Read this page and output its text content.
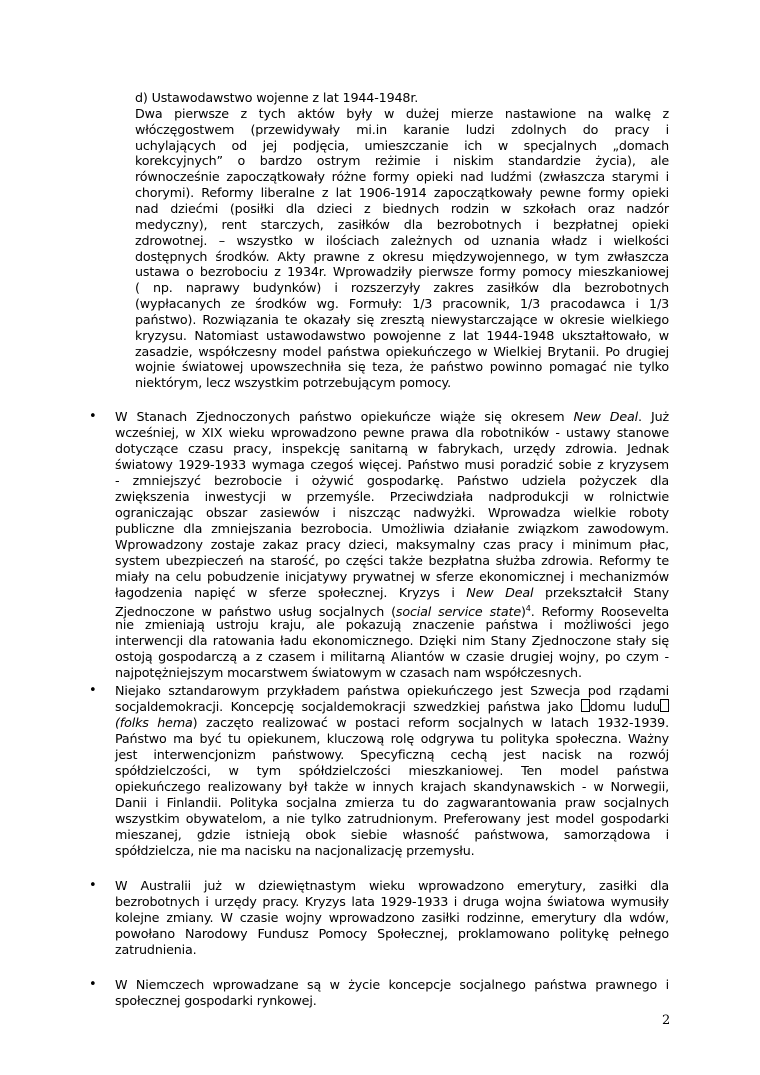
d) Ustawodawstwo wojenne z lat 1944-1948r.

Dwa pierwsze z tych aktów były w dużej mierze nastawione na walkę z

włóczęgostwem (przewidywały mi.in karanie ludzi zdolnych do pracy i

uchylających od jej podjęcia, umieszczanie ich w specjalnych „domach

korekcyjnych” o bardzo ostrym reżimie i niskim standardzie życia), ale

równocześnie zapoczątkowały różne formy opieki nad ludźmi (zwłaszcza starymi i

chorymi). Reformy liberalne z lat 1906-1914 zapoczątkowały pewne formy opieki

nad dziećmi (posiłki dla dzieci z biednych rodzin w szkołach oraz nadzór

medyczny), rent starczych, zasiłków dla bezrobotnych i bezpłatnej opieki

zdrowotnej. – wszystko w ilościach zależnych od uznania władz i wielkości

dostępnych środków. Akty prawne z okresu międzywojennego, w tym zwłaszcza

ustawa o bezrobociu z 1934r. Wprowadziły pierwsze formy pomocy mieszkaniowej

( np. naprawy budynków) i rozszerzyły zakres zasiłków dla bezrobotnych

(wypłacanych ze środków wg. Formuły: 1/3 pracownik, 1/3 pracodawca i 1/3

państwo). Rozwiązania te okazały się zresztą niewystarczające w okresie wielkiego

kryzysu. Natomiast ustawodawstwo powojenne z lat 1944-1948 ukształtowało, w

zasadzie, współczesny model państwa opiekuńczego w Wielkiej Brytanii. Po drugiej

wojnie światowej upowszechniła się teza, że państwo powinno pomagać nie tylko

niektórym, lecz wszystkim potrzebującym pomocy.

• W Stanach Zjednoczonych państwo opiekuńcze wiąże się okresem New Deal. Już

wcześniej, w XIX wieku wprowadzono pewne prawa dla robotników - ustawy stanowe

dotyczące czasu pracy, inspekcję sanitarną w fabrykach, urzędy zdrowia. Jednak

światowy 1929-1933 wymaga czegoś więcej. Państwo musi poradzić sobie z kryzysem

- zmniejszyć bezrobocie i ożywić gospodarkę. Państwo udziela pożyczek dla

zwiększenia inwestycji w przemyśle. Przeciwdziała nadprodukcji w rolnictwie

ograniczając obszar zasiewów i niszcząc nadwyżki. Wprowadza wielkie roboty

publiczne dla zmniejszania bezrobocia. Umożliwia działanie związkom zawodowym.

Wprowadzony zostaje zakaz pracy dzieci, maksymalny czas pracy i minimum płac,

system ubezpieczeń na starość, po części także bezpłatna służba zdrowia. Reformy te

miały na celu pobudzenie inicjatywy prywatnej w sferze ekonomicznej i mechanizmów

łagodzenia napięć w sferze społecznej. Kryzys i New Deal przekształcił Stany

Zjednoczone w państwo usług socjalnych (social service state)$^4$. Reformy Roosevelta

nie zmieniają ustroju kraju, ale pokazują znaczenie państwa i możliwości jego

interwencji dla ratowania ładu ekonomicznego. Dzięki nim Stany Zjednoczone stały się

ostoją gospodarczą a z czasem i militarną Aliantów w czasie drugiej wojny, po czym -

najpotężniejszym mocarstwem światowym w czasach nam współczesnych.

• Niejako sztandarowym przykładem państwa opiekuńczego jest Szwecja pod rządami

socjaldemokracji. Koncepcję socjaldemokracji szwedzkiej państwa jako domu ludu

(folks hema) zaczęto realizować w postaci reform socjalnych w latach 1932-1939.

Państwo ma być tu opiekunem, kluczową rolę odgrywa tu polityka społeczna. Ważny

jest interwencjonizm państwowy. Specyficzną cechą jest nacisk na rozwój

spółdzielczości, w tym spółdzielczości mieszkaniowej. Ten model państwa

opiekuńczego realizowany był także w innych krajach skandynawskich - w Norwegii,

Danii i Finlandii. Polityka socjalna zmierza tu do zagwarantowania praw socjalnych

wszystkim obywatelom, a nie tylko zatrudnionym. Preferowany jest model gospodarki

mieszanej, gdzie istnieją obok siebie własność państwowa, samorządowa i

spółdzielcza, nie ma nacisku na nacjonalizację przemysłu.

• W Australii już w dziewiętnastym wieku wprowadzono emerytury, zasiłki dla

bezrobotnych i urzędy pracy. Kryzys lata 1929-1933 i druga wojna światowa wymusiły

kolejne zmiany. W czasie wojny wprowadzono zasiłki rodzinne, emerytury dla wdów,

powołano Narodowy Fundusz Pomocy Społecznej, proklamowano politykę pełnego

zatrudnienia.

• W Niemczech wprowadzane są w życie koncepcje socjalnego państwa prawnego i

społecznej gospodarki rynkowej.

2
